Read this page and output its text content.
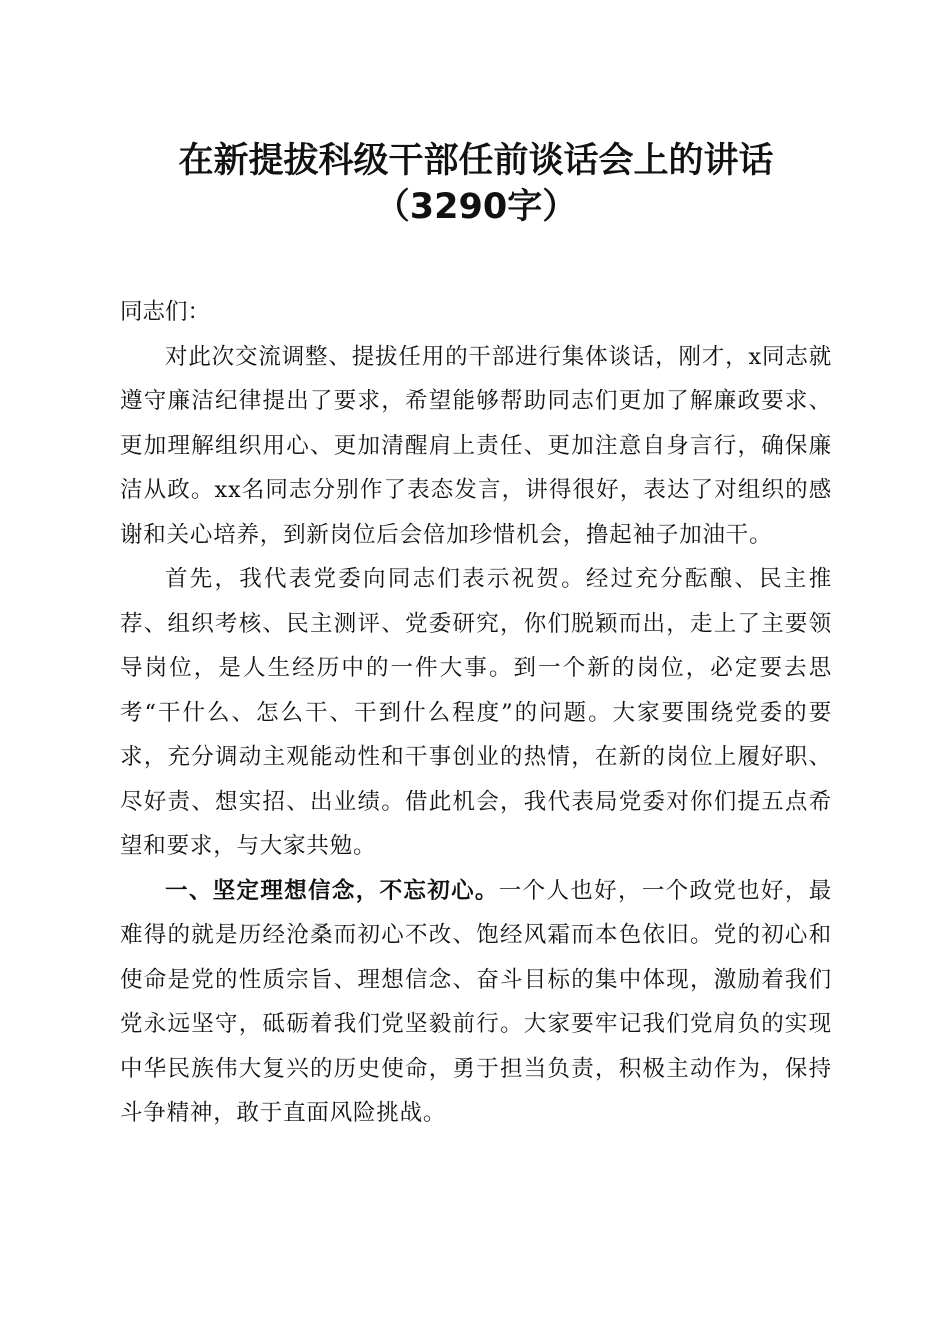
在新提拔科级干部任前谈话会上的讲话（3290字）

同志们：

对此次交流调整、提拔任用的干部进行集体谈话，刚才，x同志就遵守廉洁纪律提出了要求，希望能够帮助同志们更加了解廉政要求、更加理解组织用心、更加清醒肩上责任、更加注意自身言行，确保廉洁从政。xx名同志分别作了表态发言，讲得很好，表达了对组织的感谢和关心培养，到新岗位后会倍加珍惜机会，撸起袖子加油干。

首先，我代表党委向同志们表示祝贺。经过充分酝酿、民主推荐、组织考核、民主测评、党委研究，你们脱颖而出，走上了主要领导岗位，是人生经历中的一件大事。到一个新的岗位，必定要去思考“干什么、怎么干、干到什么程度”的问题。大家要围绕党委的要求，充分调动主观能动性和干事创业的热情，在新的岗位上履好职、尽好责、想实招、出业绩。借此机会，我代表局党委对你们提五点希望和要求，与大家共勉。

一、坚定理想信念，不忘初心。一个人也好，一个政党也好，最难得的就是历经沧桑而初心不改、饱经风霜而本色依旧。党的初心和使命是党的性质宗旨、理想信念、奋斗目标的集中体现，激励着我们党永远坚守，砥砺着我们党坚毅前行。大家要牢记我们党肩负的实现中华民族伟大复兴的历史使命，勇于担当负责，积极主动作为，保持斗争精神，敢于直面风险挑战。
